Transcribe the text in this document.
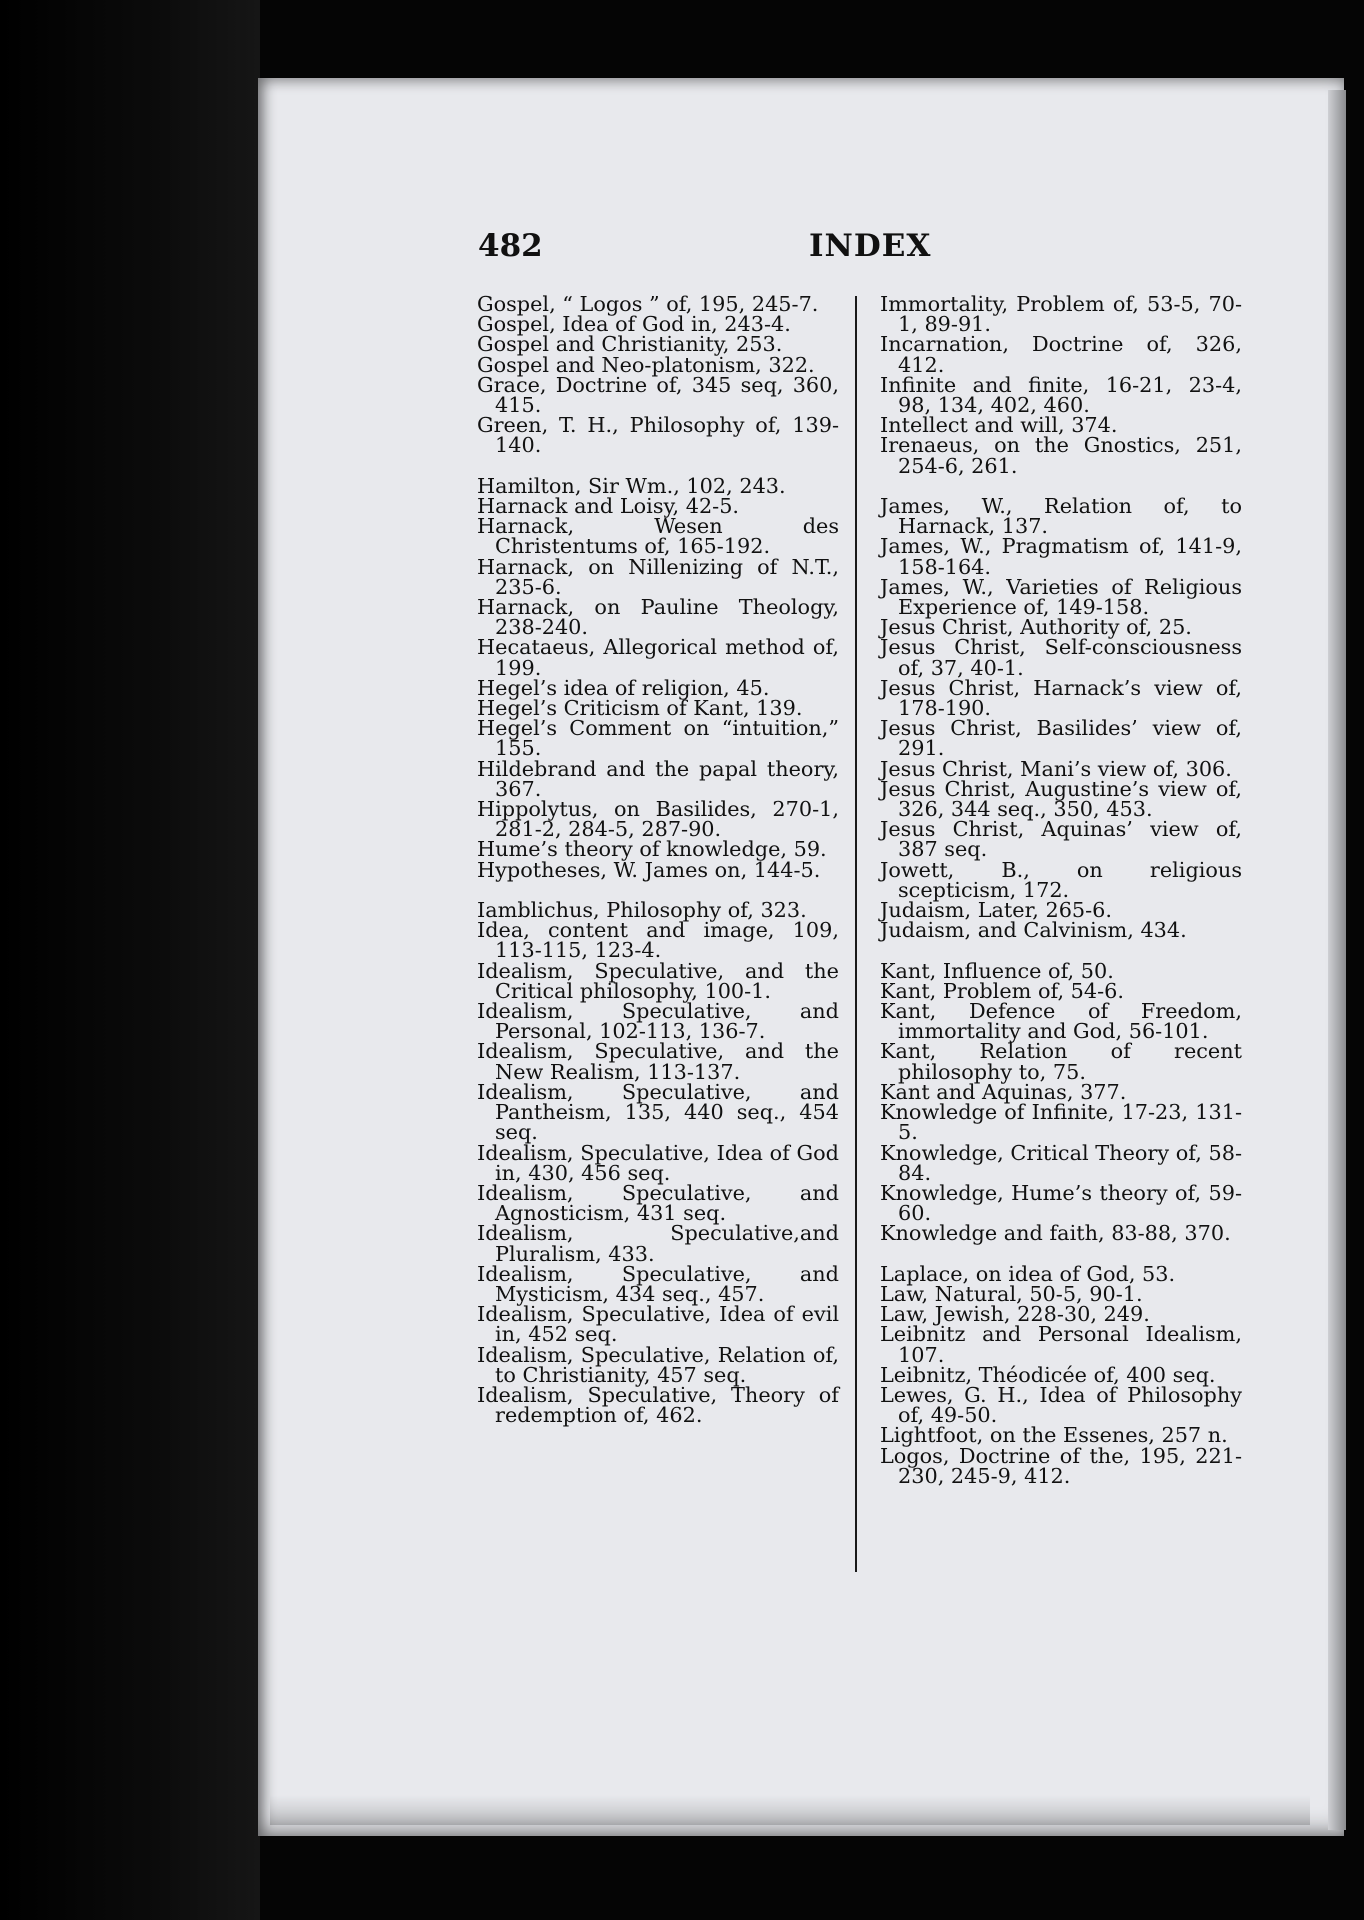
482	INDEX
Gospel, “ Logos ” of, 195, 245-7.
Gospel, Idea of God in, 243-4.
Gospel and Christianity, 253.
Gospel and Neo-platonism, 322.
Grace, Doctrine of, 345 seq, 360, 415.
Green, T. H., Philosophy of, 139-140.
Hamilton, Sir Wm., 102, 243.
Harnack and Loisy, 42-5.
Harnack, Wesen des Christentums of, 165-192.
Harnack, on Nillenizing of N.T., 235-6.
Harnack, on Pauline Theology, 238-240.
Hecataeus, Allegorical method of, 199.
Hegel’s idea of religion, 45.
Hegel’s Criticism of Kant, 139.
Hegel’s Comment on “intuition,” 155.
Hildebrand and the papal theory, 367.
Hippolytus, on Basilides, 270-1, 281-2, 284-5, 287-90.
Hume’s theory of knowledge, 59.
Hypotheses, W. James on, 144-5.
Iamblichus, Philosophy of, 323.
Idea, content and image, 109, 113-115, 123-4.
Idealism, Speculative, and the Critical philosophy, 100-1.
Idealism, Speculative, and Personal, 102-113, 136-7.
Idealism, Speculative, and the New Realism, 113-137.
Idealism, Speculative, and Pantheism, 135, 440 seq., 454 seq.
Idealism, Speculative, Idea of God in, 430, 456 seq.
Idealism, Speculative, and Agnosticism, 431 seq.
Idealism, Speculative,and Pluralism, 433.
Idealism, Speculative, and Mysticism, 434 seq., 457.
Idealism, Speculative, Idea of evil in, 452 seq.
Idealism, Speculative, Relation of, to Christianity, 457 seq.
Idealism, Speculative, Theory of redemption of, 462.
Immortality, Problem of, 53-5, 70-1, 89-91.
Incarnation, Doctrine of, 326, 412.
Infinite and finite, 16-21, 23-4, 98, 134, 402, 460.
Intellect and will, 374.
Irenaeus, on the Gnostics, 251, 254-6, 261.
James, W., Relation of, to Harnack, 137.
James, W., Pragmatism of, 141-9, 158-164.
James, W., Varieties of Religious Experience of, 149-158.
Jesus Christ, Authority of, 25.
Jesus Christ, Self-consciousness of, 37, 40-1.
Jesus Christ, Harnack’s view of, 178-190.
Jesus Christ, Basilides’ view of, 291.
Jesus Christ, Mani’s view of, 306.
Jesus Christ, Augustine’s view of, 326, 344 seq., 350, 453.
Jesus Christ, Aquinas’ view of, 387 seq.
Jowett, B., on religious scepticism, 172.
Judaism, Later, 265-6.
Judaism, and Calvinism, 434.
Kant, Influence of, 50.
Kant, Problem of, 54-6.
Kant, Defence of Freedom, immortality and God, 56-101.
Kant, Relation of recent philosophy to, 75.
Kant and Aquinas, 377.
Knowledge of Infinite, 17-23, 131-5.
Knowledge, Critical Theory of, 58-84.
Knowledge, Hume’s theory of, 59-60.
Knowledge and faith, 83-88, 370.
Laplace, on idea of God, 53.
Law, Natural, 50-5, 90-1.
Law, Jewish, 228-30, 249.
Leibnitz and Personal Idealism, 107.
Leibnitz, Théodicée of, 400 seq.
Lewes, G. H., Idea of Philosophy of, 49-50.
Lightfoot, on the Essenes, 257 n.
Logos, Doctrine of the, 195, 221-230, 245-9, 412.
